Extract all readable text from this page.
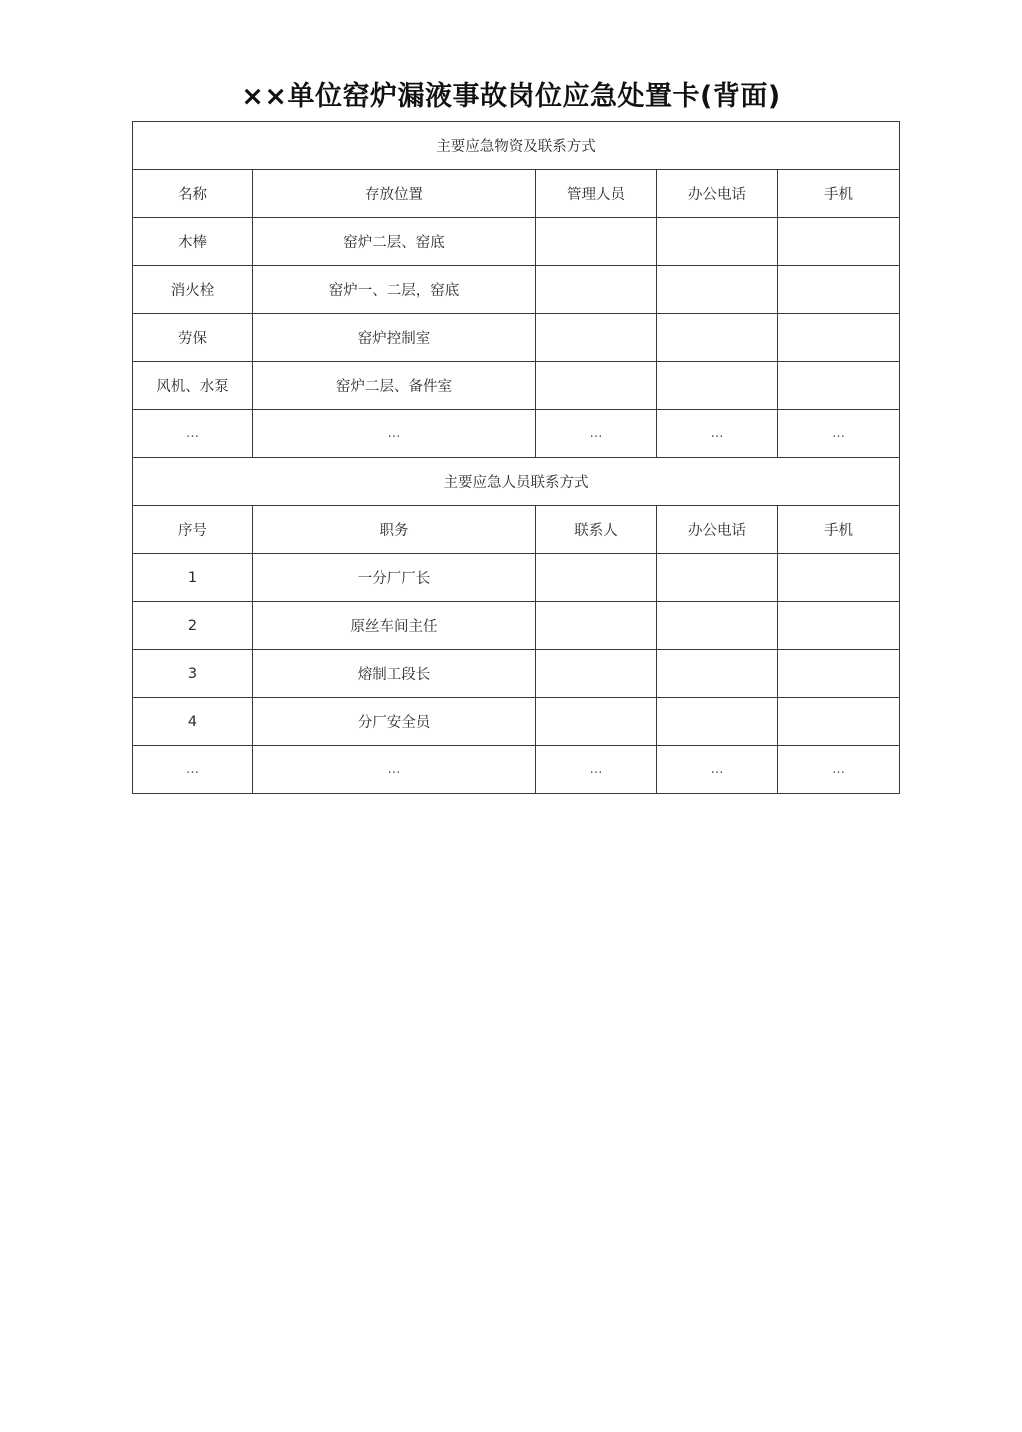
××单位窑炉漏液事故岗位应急处置卡(背面)
主要应急物资及联系方式				
名称	存放位置	管理人员	办公电话	手机
木棒	窑炉二层、窑底			
消火栓	窑炉一、二层，窑底			
劳保	窑炉控制室			
风机、水泵	窑炉二层、备件室			
…	…	…	…	…
主要应急人员联系方式				
序号	职务	联系人	办公电话	手机
1	一分厂厂长			
2	原丝车间主任			
3	熔制工段长			
4	分厂安全员			
…	…	…	…	…
